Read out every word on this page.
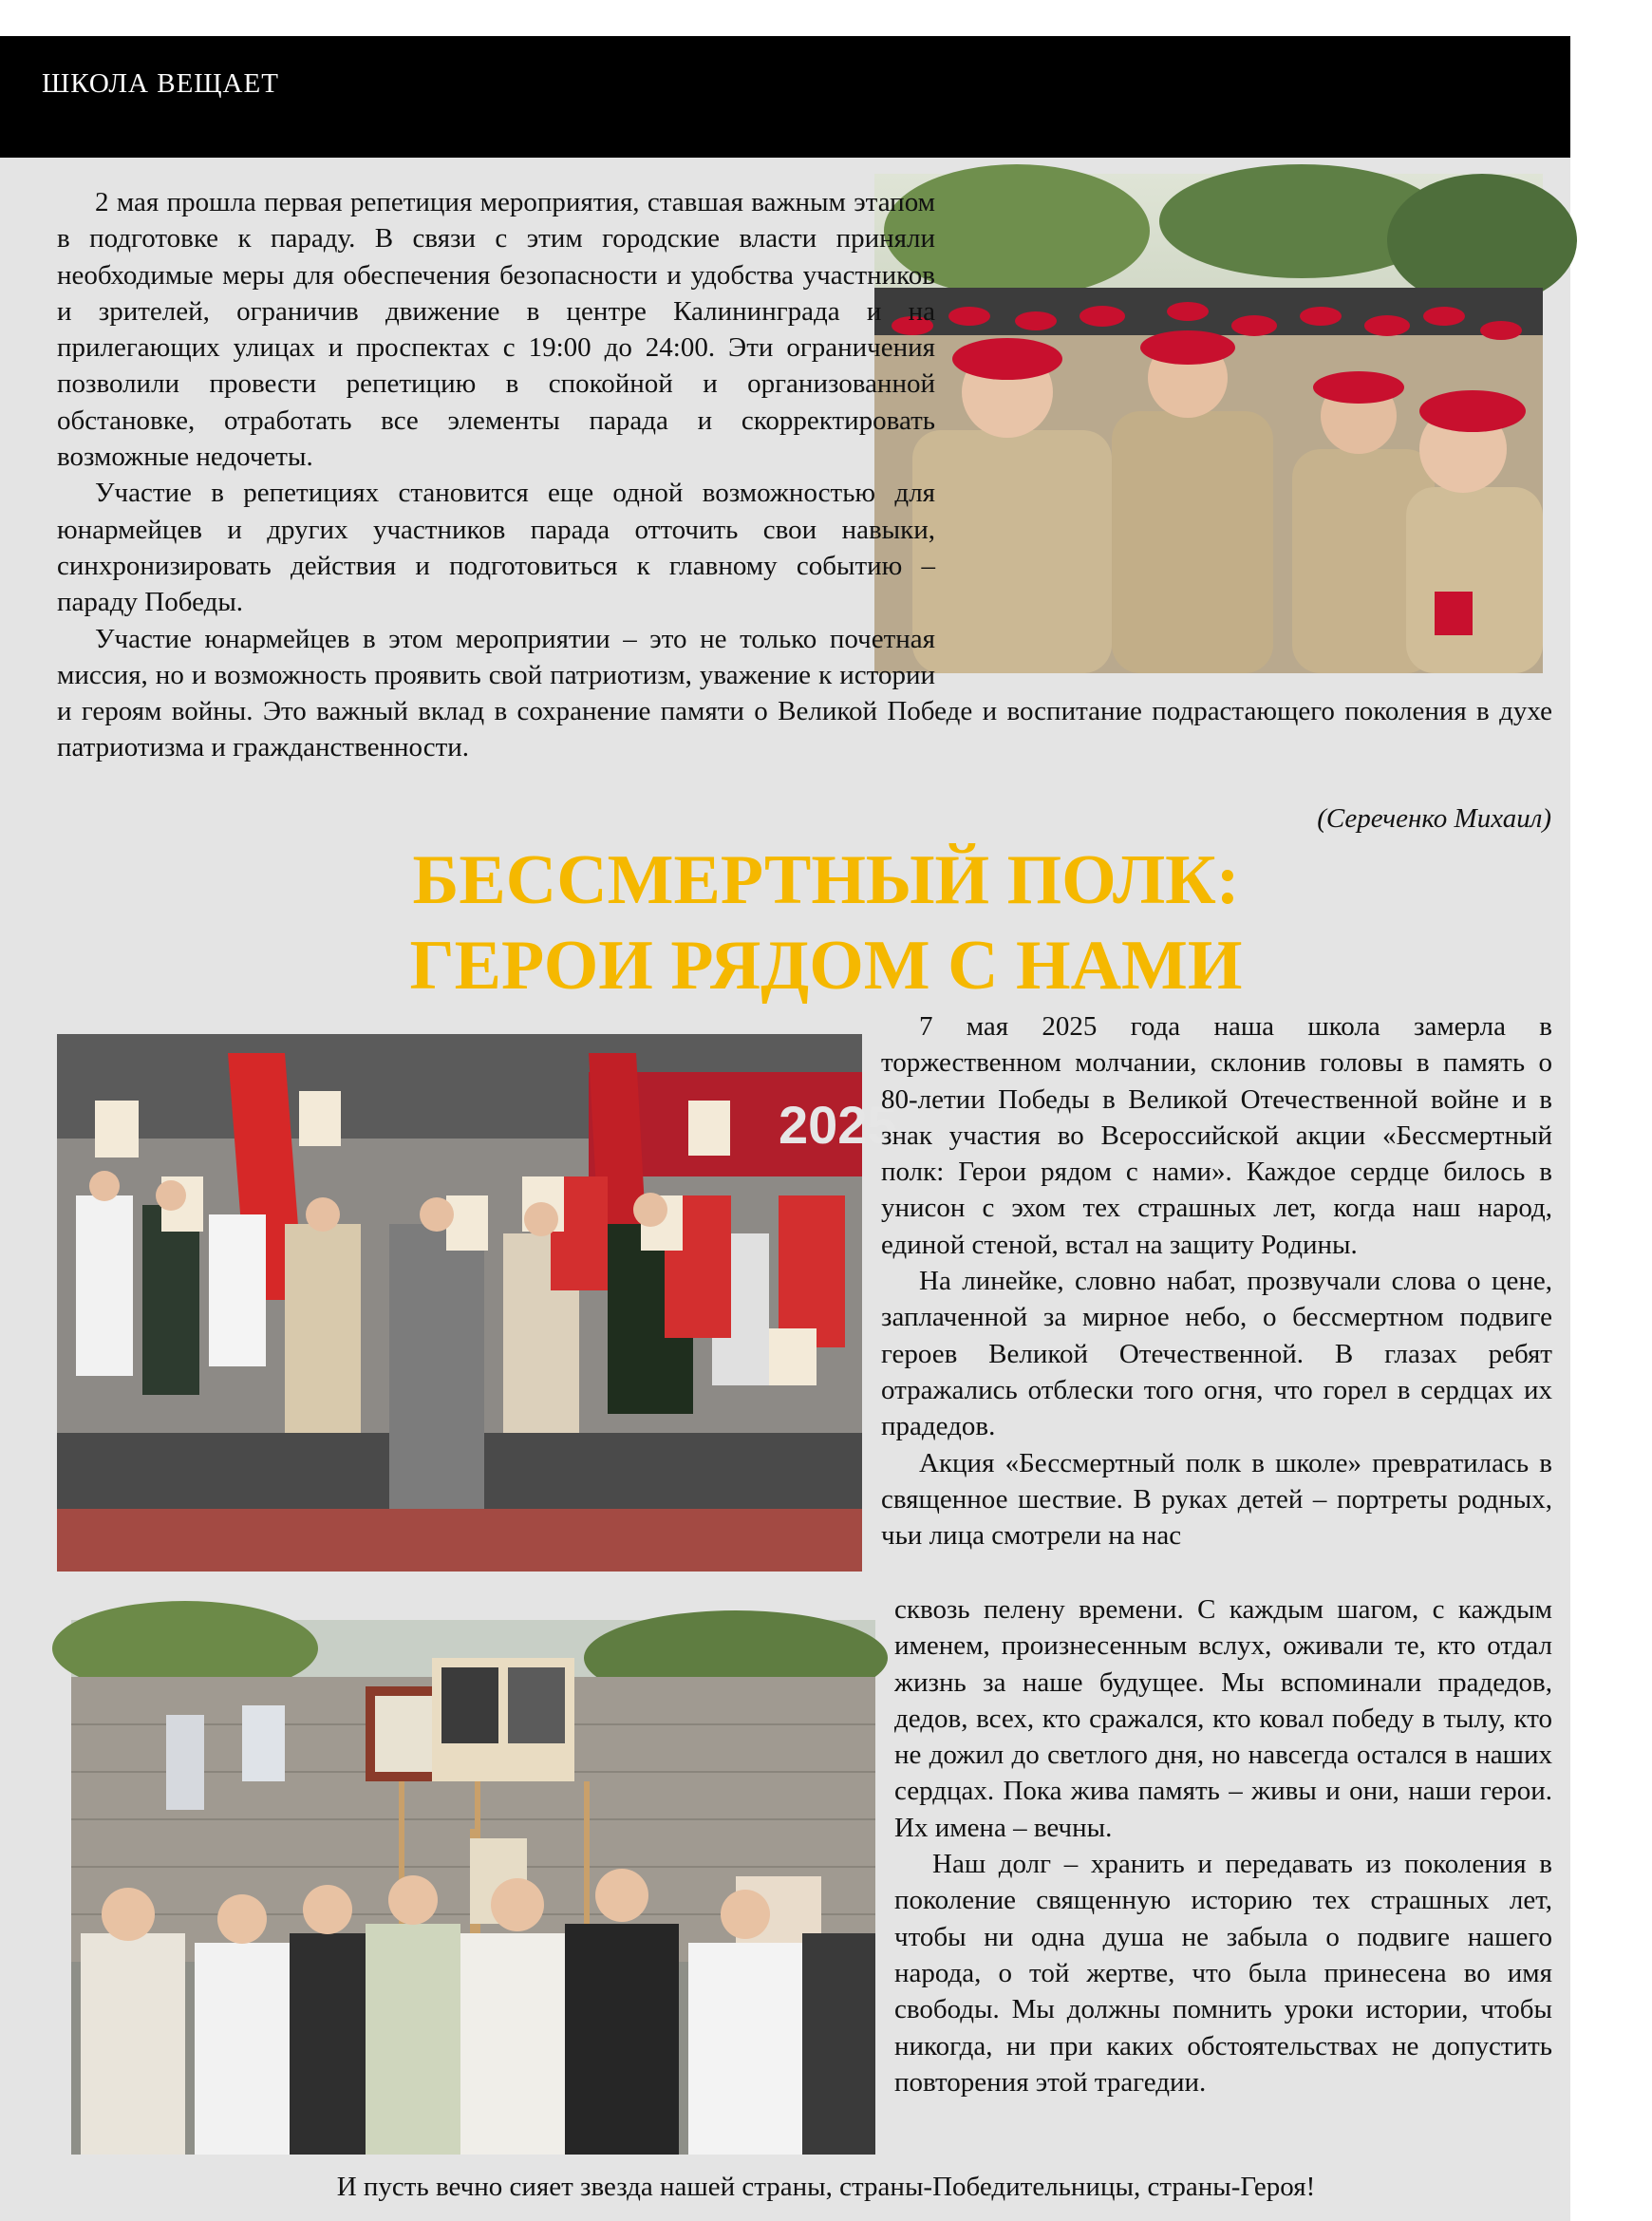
ШКОЛА ВЕЩАЕТ

2 мая прошла первая репетиция мероприятия, ставшая важным этапом в подготовке к параду. В связи с этим городские власти приняли необходимые меры для обеспечения безопасности и удобства участников и зрителей, ограничив движение в центре Калининграда и на прилегающих улицах и проспектах с 19:00 до 24:00. Эти ограничения позволили провести репетицию в спокойной и организованной обстановке, отработать все элементы парада и скорректировать возможные недочеты.

Участие в репетициях становится еще одной возможностью для юнармейцев и других участников парада отточить свои навыки, синхронизировать действия и подготовиться к главному событию – параду Победы.

Участие юнармейцев в этом мероприятии – это не только почетная миссия, но и возможность проявить свой патриотизм, уважение к истории и героям войны. Это важный вклад в сохранение памяти о Великой Победе и воспитание подрастающего поколения в духе патриотизма и гражданственности.

(Сереченко Михаил)
БЕССМЕРТНЫЙ ПОЛК:
ГЕРОИ РЯДОМ С НАМИ
2025

7 мая 2025 года наша школа замерла в торжественном молчании, склонив головы в память о 80-летии Победы в Великой Отечественной войне и в знак участия во Всероссийской акции «Бессмертный полк: Герои рядом с нами». Каждое сердце билось в унисон с эхом тех страшных лет, когда наш народ, единой стеной, встал на защиту Родины.

На линейке, словно набат, прозвучали слова о цене, заплаченной за мирное небо, о бессмертном подвиге героев Великой Отечественной. В глазах ребят отражались отблески того огня, что горел в сердцах их прадедов.

Акция «Бессмертный полк в школе» превратилась в священное шествие. В руках детей – портреты родных, чьи лица смотрели на нас

сквозь пелену времени. С каждым шагом, с каждым именем, произнесенным вслух, оживали те, кто отдал жизнь за наше будущее. Мы вспоминали прадедов, дедов, всех, кто сражался, кто ковал победу в тылу, кто не дожил до светлого дня, но навсегда остался в наших сердцах. Пока жива память – живы и они, наши герои. Их имена – вечны.

Наш долг – хранить и передавать из поколения в поколение священную историю тех страшных лет, чтобы ни одна душа не забыла о подвиге нашего народа, о той жертве, что была принесена во имя свободы. Мы должны помнить уроки истории, чтобы никогда, ни при каких обстоятельствах не допустить повторения этой трагедии.

И пусть вечно сияет звезда нашей страны, страны-Победительницы, страны-Героя!
